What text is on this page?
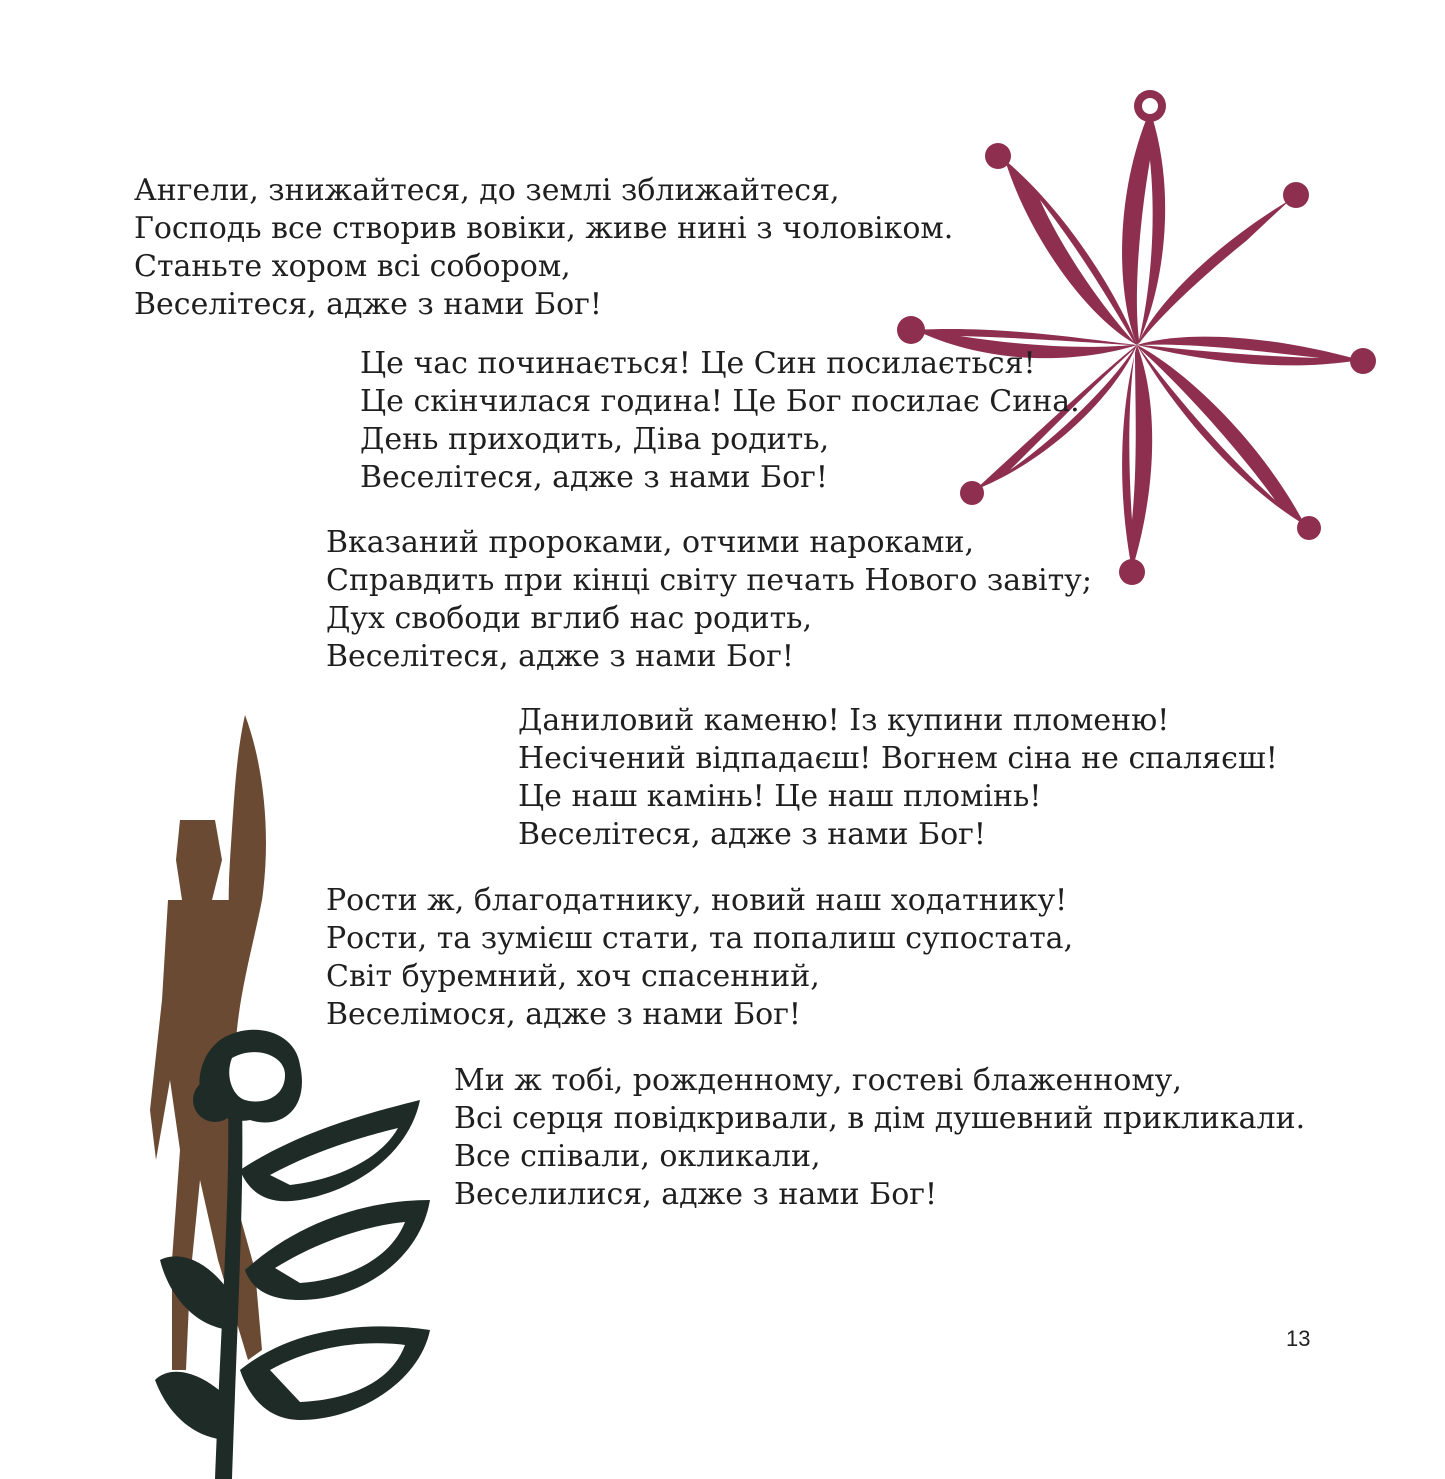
Ангели, знижайтеся, до землі зближайтеся,
Господь все створив вовіки, живе нині з чоловіком.
Станьте хором всі собором,
Веселітеся, адже з нами Бог!
Це час починається! Це Син посилається!
Це скінчилася година! Це Бог посилає Сина.
День приходить, Діва родить,
Веселітеся, адже з нами Бог!
Вказаний пророками, отчими нароками,
Справдить при кінці світу печать Нового завіту;
Дух свободи вглиб нас родить,
Веселітеся, адже з нами Бог!
Даниловий каменю! Із купини пломеню!
Несічений відпадаєш! Вогнем сіна не спаляєш!
Це наш камінь! Це наш пломінь!
Веселітеся, адже з нами Бог!
Рости ж, благодатнику, новий наш ходатнику!
Рости, та зумієш стати, та попалиш супостата,
Світ буремний, хоч спасенний,
Веселімося, адже з нами Бог!
Ми ж тобі, рожденному, гостеві блаженному,
Всі серця повідкривали, в дім душевний прикликали.
Все співали, окликали,
Веселилися, адже з нами Бог!
13
